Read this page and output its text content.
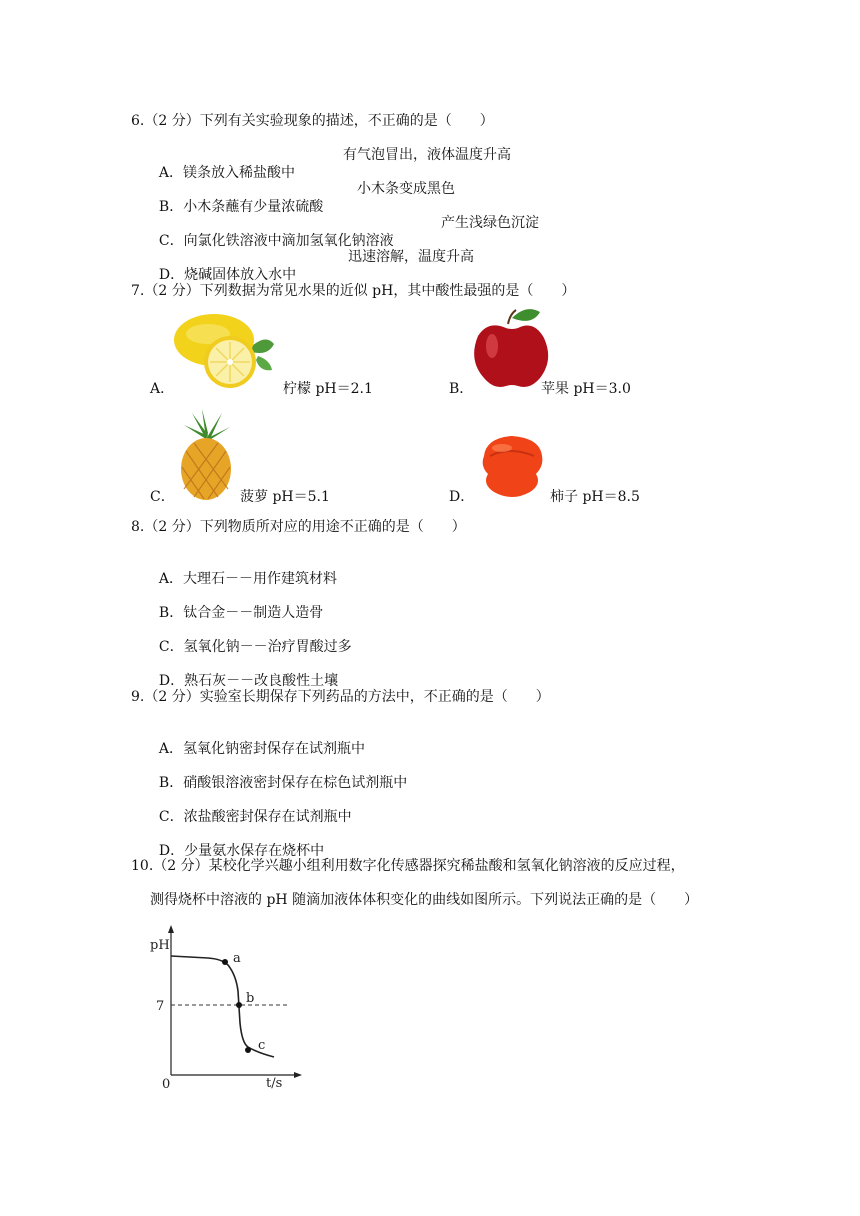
6.（2 分）下列有关实验现象的描述，不正确的是（　　）

A．镁条放入稀盐酸中

有气泡冒出，液体温度升高

B．小木条蘸有少量浓硫酸

小木条变成黑色

C．向氯化铁溶液中滴加氢氧化钠溶液

产生浅绿色沉淀

D．烧碱固体放入水中

迅速溶解，温度升高
7.（2 分）下列数据为常见水果的近似 pH，其中酸性最强的是（　　）
A．	柠檬 pH＝2.1	B．	苹果 pH＝3.0
C．	菠萝 pH＝5.1	D．	柿子 pH＝8.5
8.（2 分）下列物质所对应的用途不正确的是（　　）

A．大理石－－用作建筑材料

B．钛合金－－制造人造骨

C．氢氧化钠－－治疗胃酸过多

D．熟石灰－－改良酸性土壤

9.（2 分）实验室长期保存下列药品的方法中，不正确的是（　　）

A．氢氧化钠密封保存在试剂瓶中

B．硝酸银溶液密封保存在棕色试剂瓶中

C．浓盐酸密封保存在试剂瓶中

D．少量氨水保存在烧杯中

10.（2 分）某校化学兴趣小组利用数字化传感器探究稀盐酸和氢氧化钠溶液的反应过程，
测得烧杯中溶液的 pH 随滴加液体体积变化的曲线如图所示。下列说法正确的是（　　）
pH
7
0	t/s
a
b
c
